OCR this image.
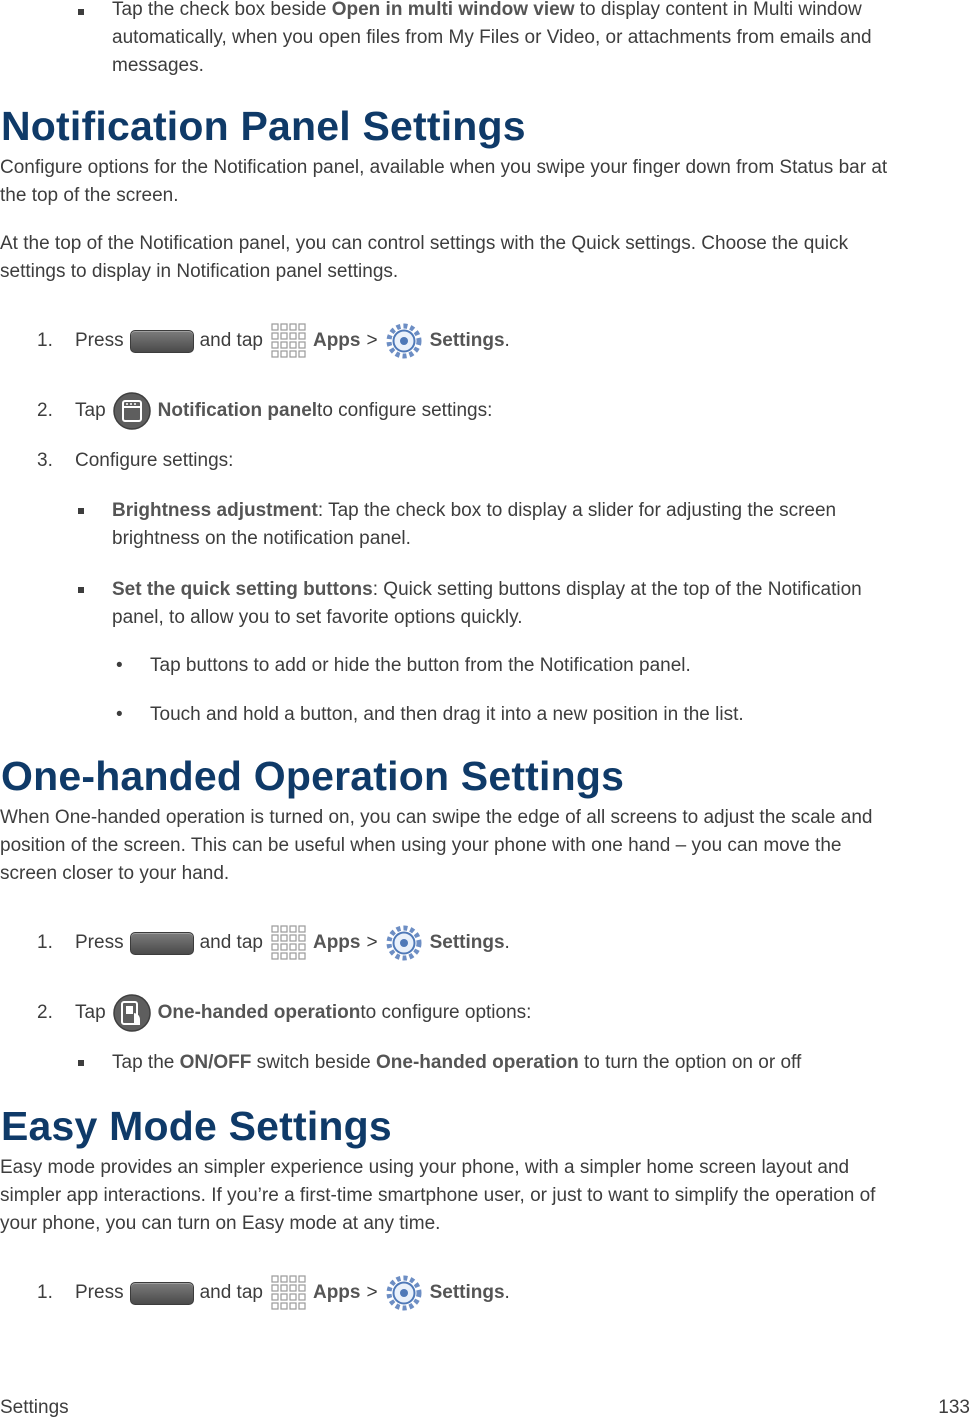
Tap the check box beside Open in multi window view to display content in Multi window
automatically, when you open files from My Files or Video, or attachments from emails and
messages.
Notification Panel Settings
Configure options for the Notification panel, available when you swipe your finger down from Status bar at
the top of the screen.
At the top of the Notification panel, you can control settings with the Quick settings. Choose the quick
settings to display in Notification panel settings.
1. Press	and tap	Apps >	Settings .
2. Tap	Notification panel to configure settings:
3. Configure settings:
Brightness adjustment: Tap the check box to display a slider for adjusting the screen
brightness on the notification panel.
Set the quick setting buttons: Quick setting buttons display at the top of the Notification
panel, to allow you to set favorite options quickly.
• Tap buttons to add or hide the button from the Notification panel.
• Touch and hold a button, and then drag it into a new position in the list.
One-handed Operation Settings
When One-handed operation is turned on, you can swipe the edge of all screens to adjust the scale and
position of the screen. This can be useful when using your phone with one hand – you can move the
screen closer to your hand.
1. Press	and tap	Apps >	Settings .
2. Tap	One-handed operation to configure options:
Tap the ON/OFF switch beside One-handed operation to turn the option on or off
Easy Mode Settings
Easy mode provides an simpler experience using your phone, with a simpler home screen layout and
simpler app interactions. If you’re a first-time smartphone user, or just to want to simplify the operation of
your phone, you can turn on Easy mode at any time.
1. Press	and tap	Apps >	Settings .
Settings	133
